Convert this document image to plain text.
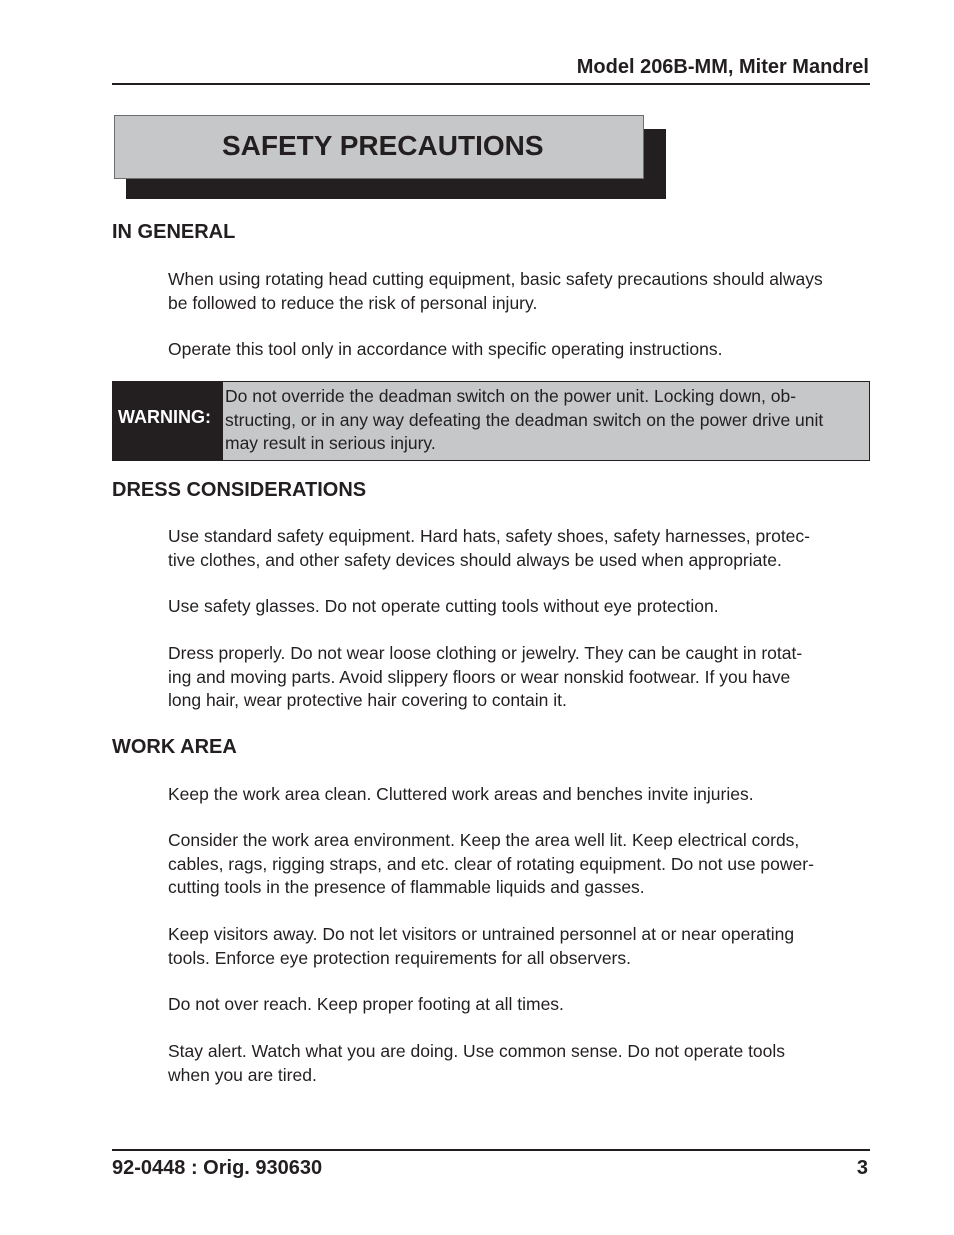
Model 206B-MM, Miter Mandrel
SAFETY PRECAUTIONS
IN GENERAL

When using rotating head cutting equipment, basic safety precautions should always
be followed to reduce the risk of personal injury.

Operate this tool only in accordance with specific operating instructions.

WARNING:

Do not override the deadman switch on the power unit. Locking down, ob-
structing, or in any way defeating the deadman switch on the power drive unit
may result in serious injury.

DRESS CONSIDERATIONS

Use standard safety equipment. Hard hats, safety shoes, safety harnesses, protec-
tive clothes, and other safety devices should always be used when appropriate.

Use safety glasses. Do not operate cutting tools without eye protection.

Dress properly. Do not wear loose clothing or jewelry. They can be caught in rotat-
ing and moving parts. Avoid slippery floors or wear nonskid footwear. If you have
long hair, wear protective hair covering to contain it.

WORK AREA

Keep the work area clean. Cluttered work areas and benches invite injuries.

Consider the work area environment. Keep the area well lit. Keep electrical cords,
cables, rags, rigging straps, and etc. clear of rotating equipment. Do not use power-
cutting tools in the presence of flammable liquids and gasses.

Keep visitors away. Do not let visitors or untrained personnel at or near operating
tools. Enforce eye protection requirements for all observers.

Do not over reach. Keep proper footing at all times.

Stay alert. Watch what you are doing. Use common sense. Do not operate tools
when you are tired.

92-0448 : Orig. 930630	3
